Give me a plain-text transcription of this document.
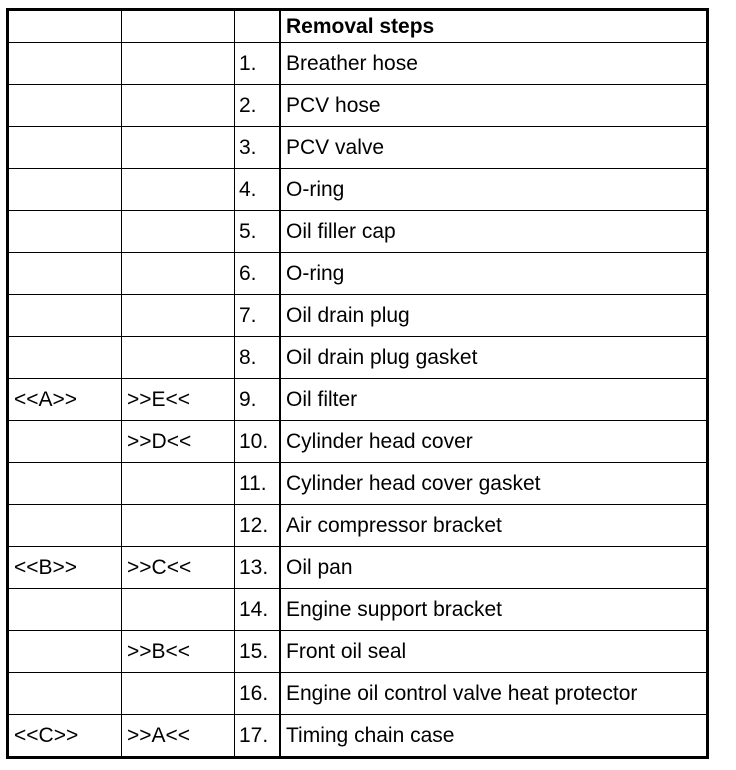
			Removal steps
		1.	Breather hose
		2.	PCV hose
		3.	PCV valve
		4.	O-ring
		5.	Oil filler cap
		6.	O-ring
		7.	Oil drain plug
		8.	Oil drain plug gasket
<<A>>	>>E<<	9.	Oil filter
	>>D<<	10.	Cylinder head cover
		11.	Cylinder head cover gasket
		12.	Air compressor bracket
<<B>>	>>C<<	13.	Oil pan
		14.	Engine support bracket
	>>B<<	15.	Front oil seal
		16.	Engine oil control valve heat protector
<<C>>	>>A<<	17.	Timing chain case
